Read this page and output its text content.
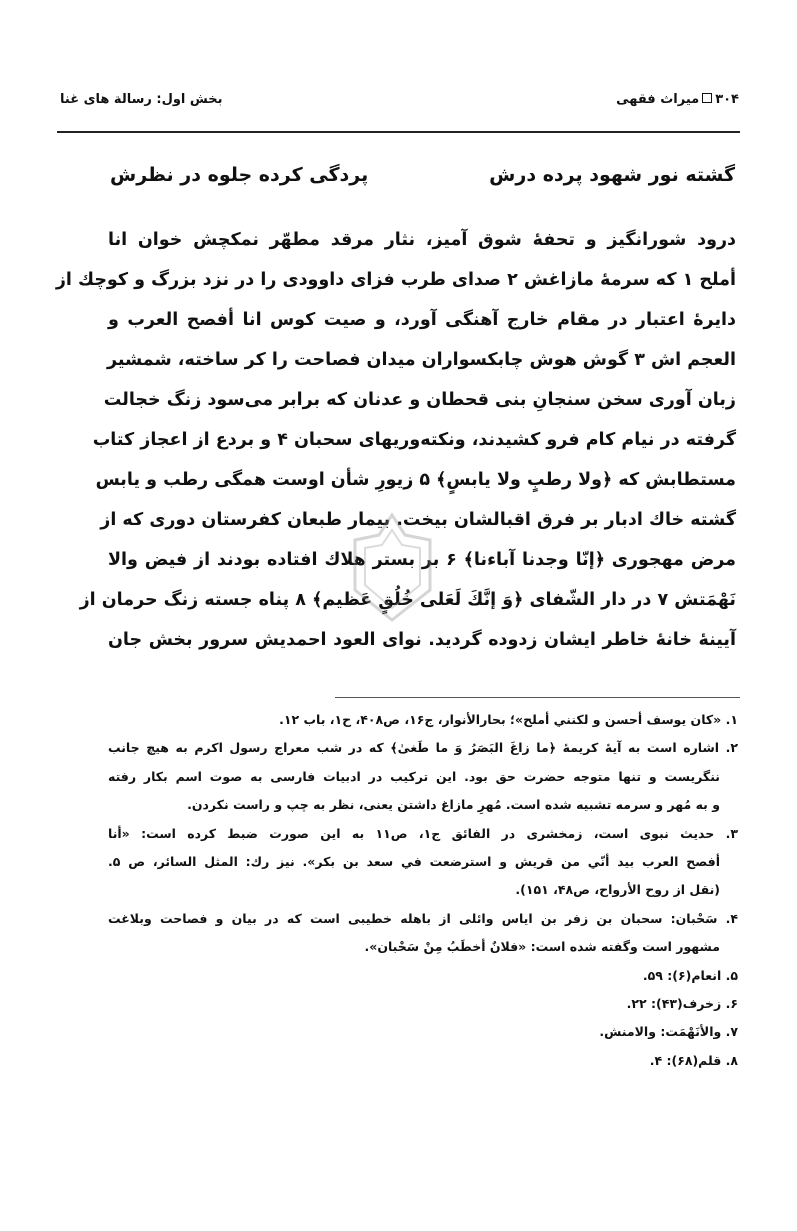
۳۰۴میراث فقهی
بخش اول: رسالة های غنا
گشته نور شهود پرده درش
پردگی کرده جلوه در نظرش
درود شورانگیز و تحفهٔ شوق آمیز، نثار مرقد مطهّر نمکچش خوان انا
أملح ۱ که سرمهٔ مازاغش ۲ صدای طرب فزای داوودی را در نزد بزرگ و کوچك از
دایرهٔ اعتبار در مقام خارج آهنگی آورد، و صیت کوس انا أفصح العرب و
العجم اش ۳ گوش هوش چابکسواران میدان فصاحت را کر ساخته، شمشیر
زبان آوری سخن سنجانِ بنی قحطان و عدنان که برابر می‌سود زنگ خجالت
گرفته در نیام کام فرو کشیدند، ونکته‌وریهای سحبان ۴ و بردع از اعجاز کتاب
مستطابش که ﴿ولا رطبٍ ولا یابسٍ﴾ ۵ زیورِ شأن اوست همگی رطب و یابس
گشته خاك ادبار بر فرق اقبالشان بیخت. بیمار طبعان کفرستان دوری که از
مرض مهجوری ﴿إنّا وجدنا آباءنا﴾ ۶ بر بستر هلاك افتاده بودند از فیض والا
نَهْمَتش ۷ در دار الشّفای ﴿وَ إنَّكَ لَعَلی خُلُقٍ عَظیم﴾ ۸ پناه جسته زنگ حرمان از
آیینهٔ خانهٔ خاطر ایشان زدوده گردید. نوای العود احمدیش سرور بخش جان
۱. «کان یوسف أحسن و لکنني أملح»؛ بحارالأنوار، ج۱۶، ص۴۰۸، ح۱، باب ۱۲.
۲. اشاره است به آیهٔ کریمهٔ ﴿ما زاغَ البَصَرُ وَ ما طَغیٰ﴾ که در شب معراج رسول اکرم به هیچ جانب
ننگریست و تنها متوجه حضرت حق بود. این ترکیب در ادبیات فارسی به صوت اسم بکار رفته
و به مُهر و سرمه تشبیه شده است. مُهرِ مازاغ داشتن یعنی، نظر به چپ و راست نکردن.
۳. حدیث نبوی است، زمخشری در الفائق ج۱، ص۱۱ به این صورت ضبط کرده است: «أنا
أفصح العرب بید أنّي من قریش و استرضعت في سعد بن بکر». نیز رك: المثل السائر، ص ۵.
(نقل از روح الأرواح، ص۴۸، ۱۵۱).
۴. سَحْبان: سحبان بن زفر بن ایاس وائلی از باهله خطیبی است که در بیان و فصاحت وبلاغت
مشهور است وگفته شده است: «فلانٌ أخطَبُ مِنْ سَحْبان».
۵. انعام(۶): ۵۹.
۶. زخرف(۴۳): ۲۲.
۷. والأنَهْمَت: والامنش.
۸. قلم(۶۸): ۴.
